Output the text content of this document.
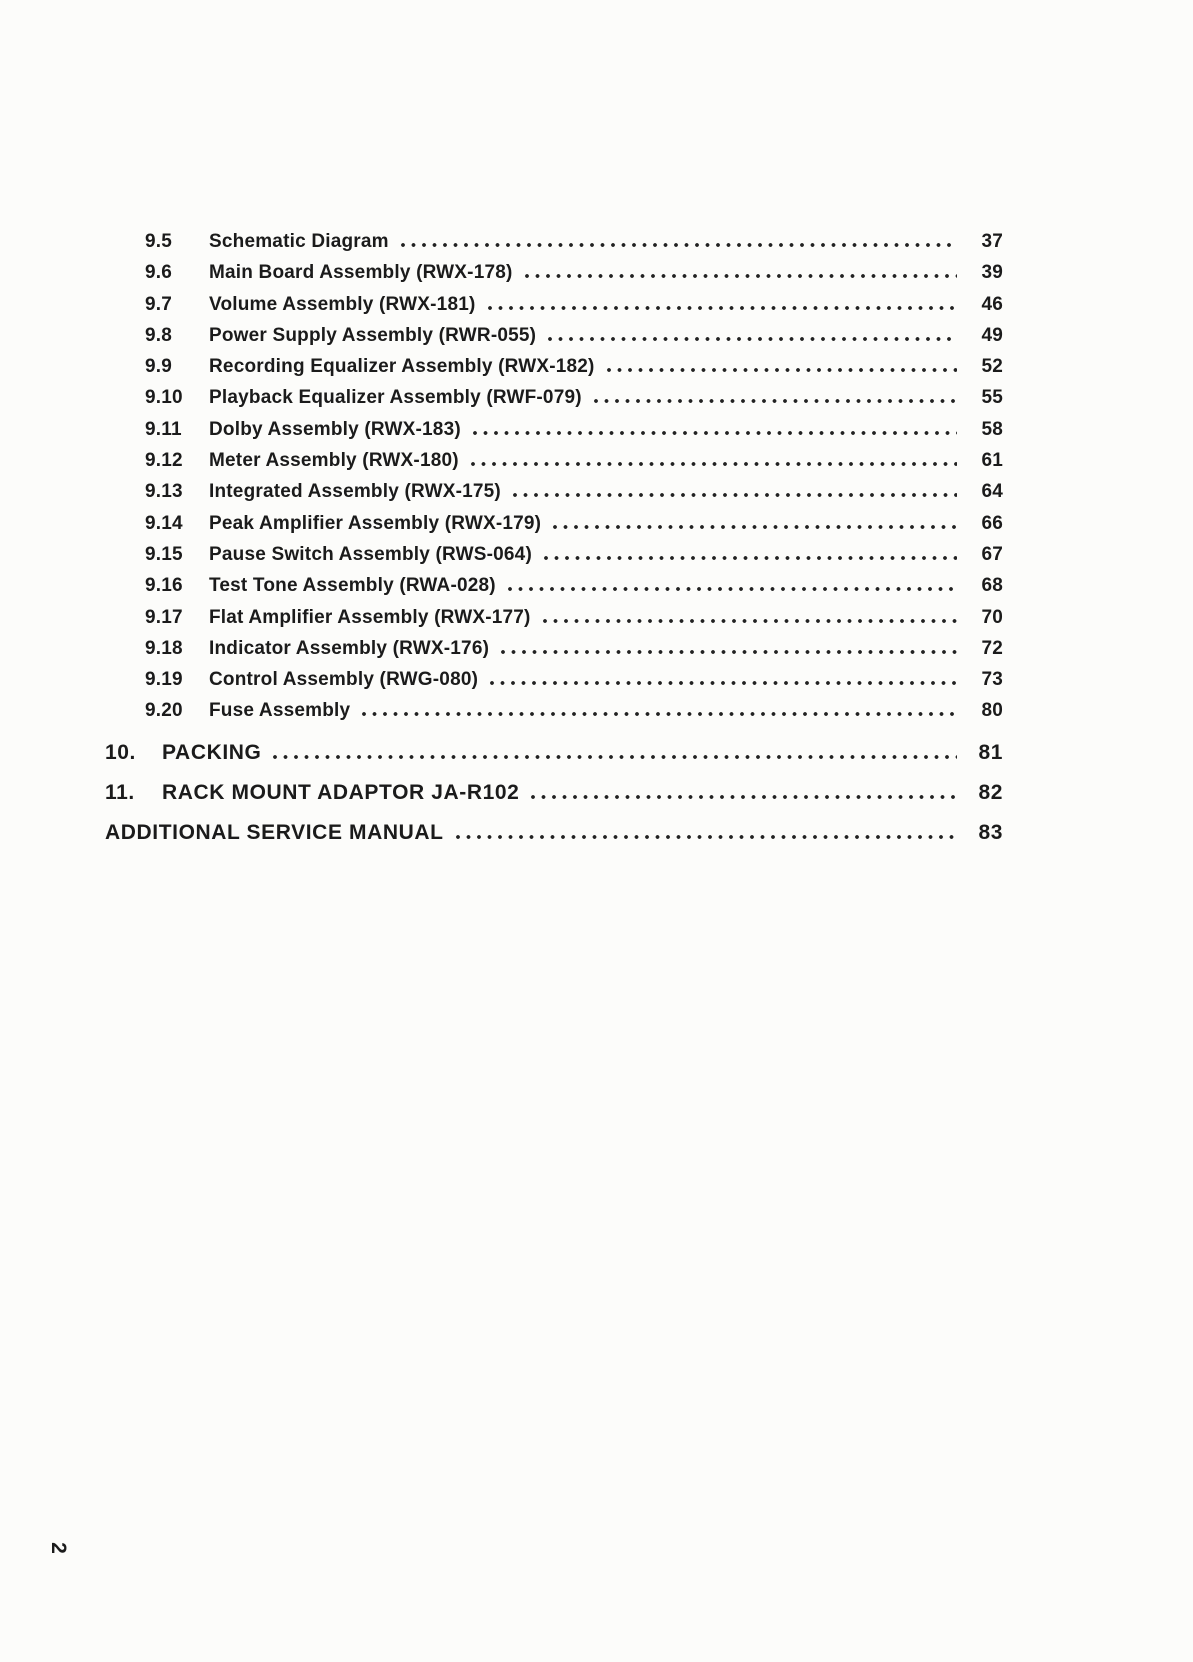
9.5	Schematic Diagram	37
9.6	Main Board Assembly (RWX-178)	39
9.7	Volume Assembly (RWX-181)	46
9.8	Power Supply Assembly (RWR-055)	49
9.9	Recording Equalizer Assembly (RWX-182)	52
9.10	Playback Equalizer Assembly (RWF-079)	55
9.11	Dolby Assembly (RWX-183)	58
9.12	Meter Assembly (RWX-180)	61
9.13	Integrated Assembly (RWX-175)	64
9.14	Peak Amplifier Assembly (RWX-179)	66
9.15	Pause Switch Assembly (RWS-064)	67
9.16	Test Tone Assembly (RWA-028)	68
9.17	Flat Amplifier Assembly (RWX-177)	70
9.18	Indicator Assembly (RWX-176)	72
9.19	Control Assembly (RWG-080)	73
9.20	Fuse Assembly	80
10.	PACKING	81
11.	RACK MOUNT ADAPTOR JA-R102	82
ADDITIONAL SERVICE MANUAL	83
2
